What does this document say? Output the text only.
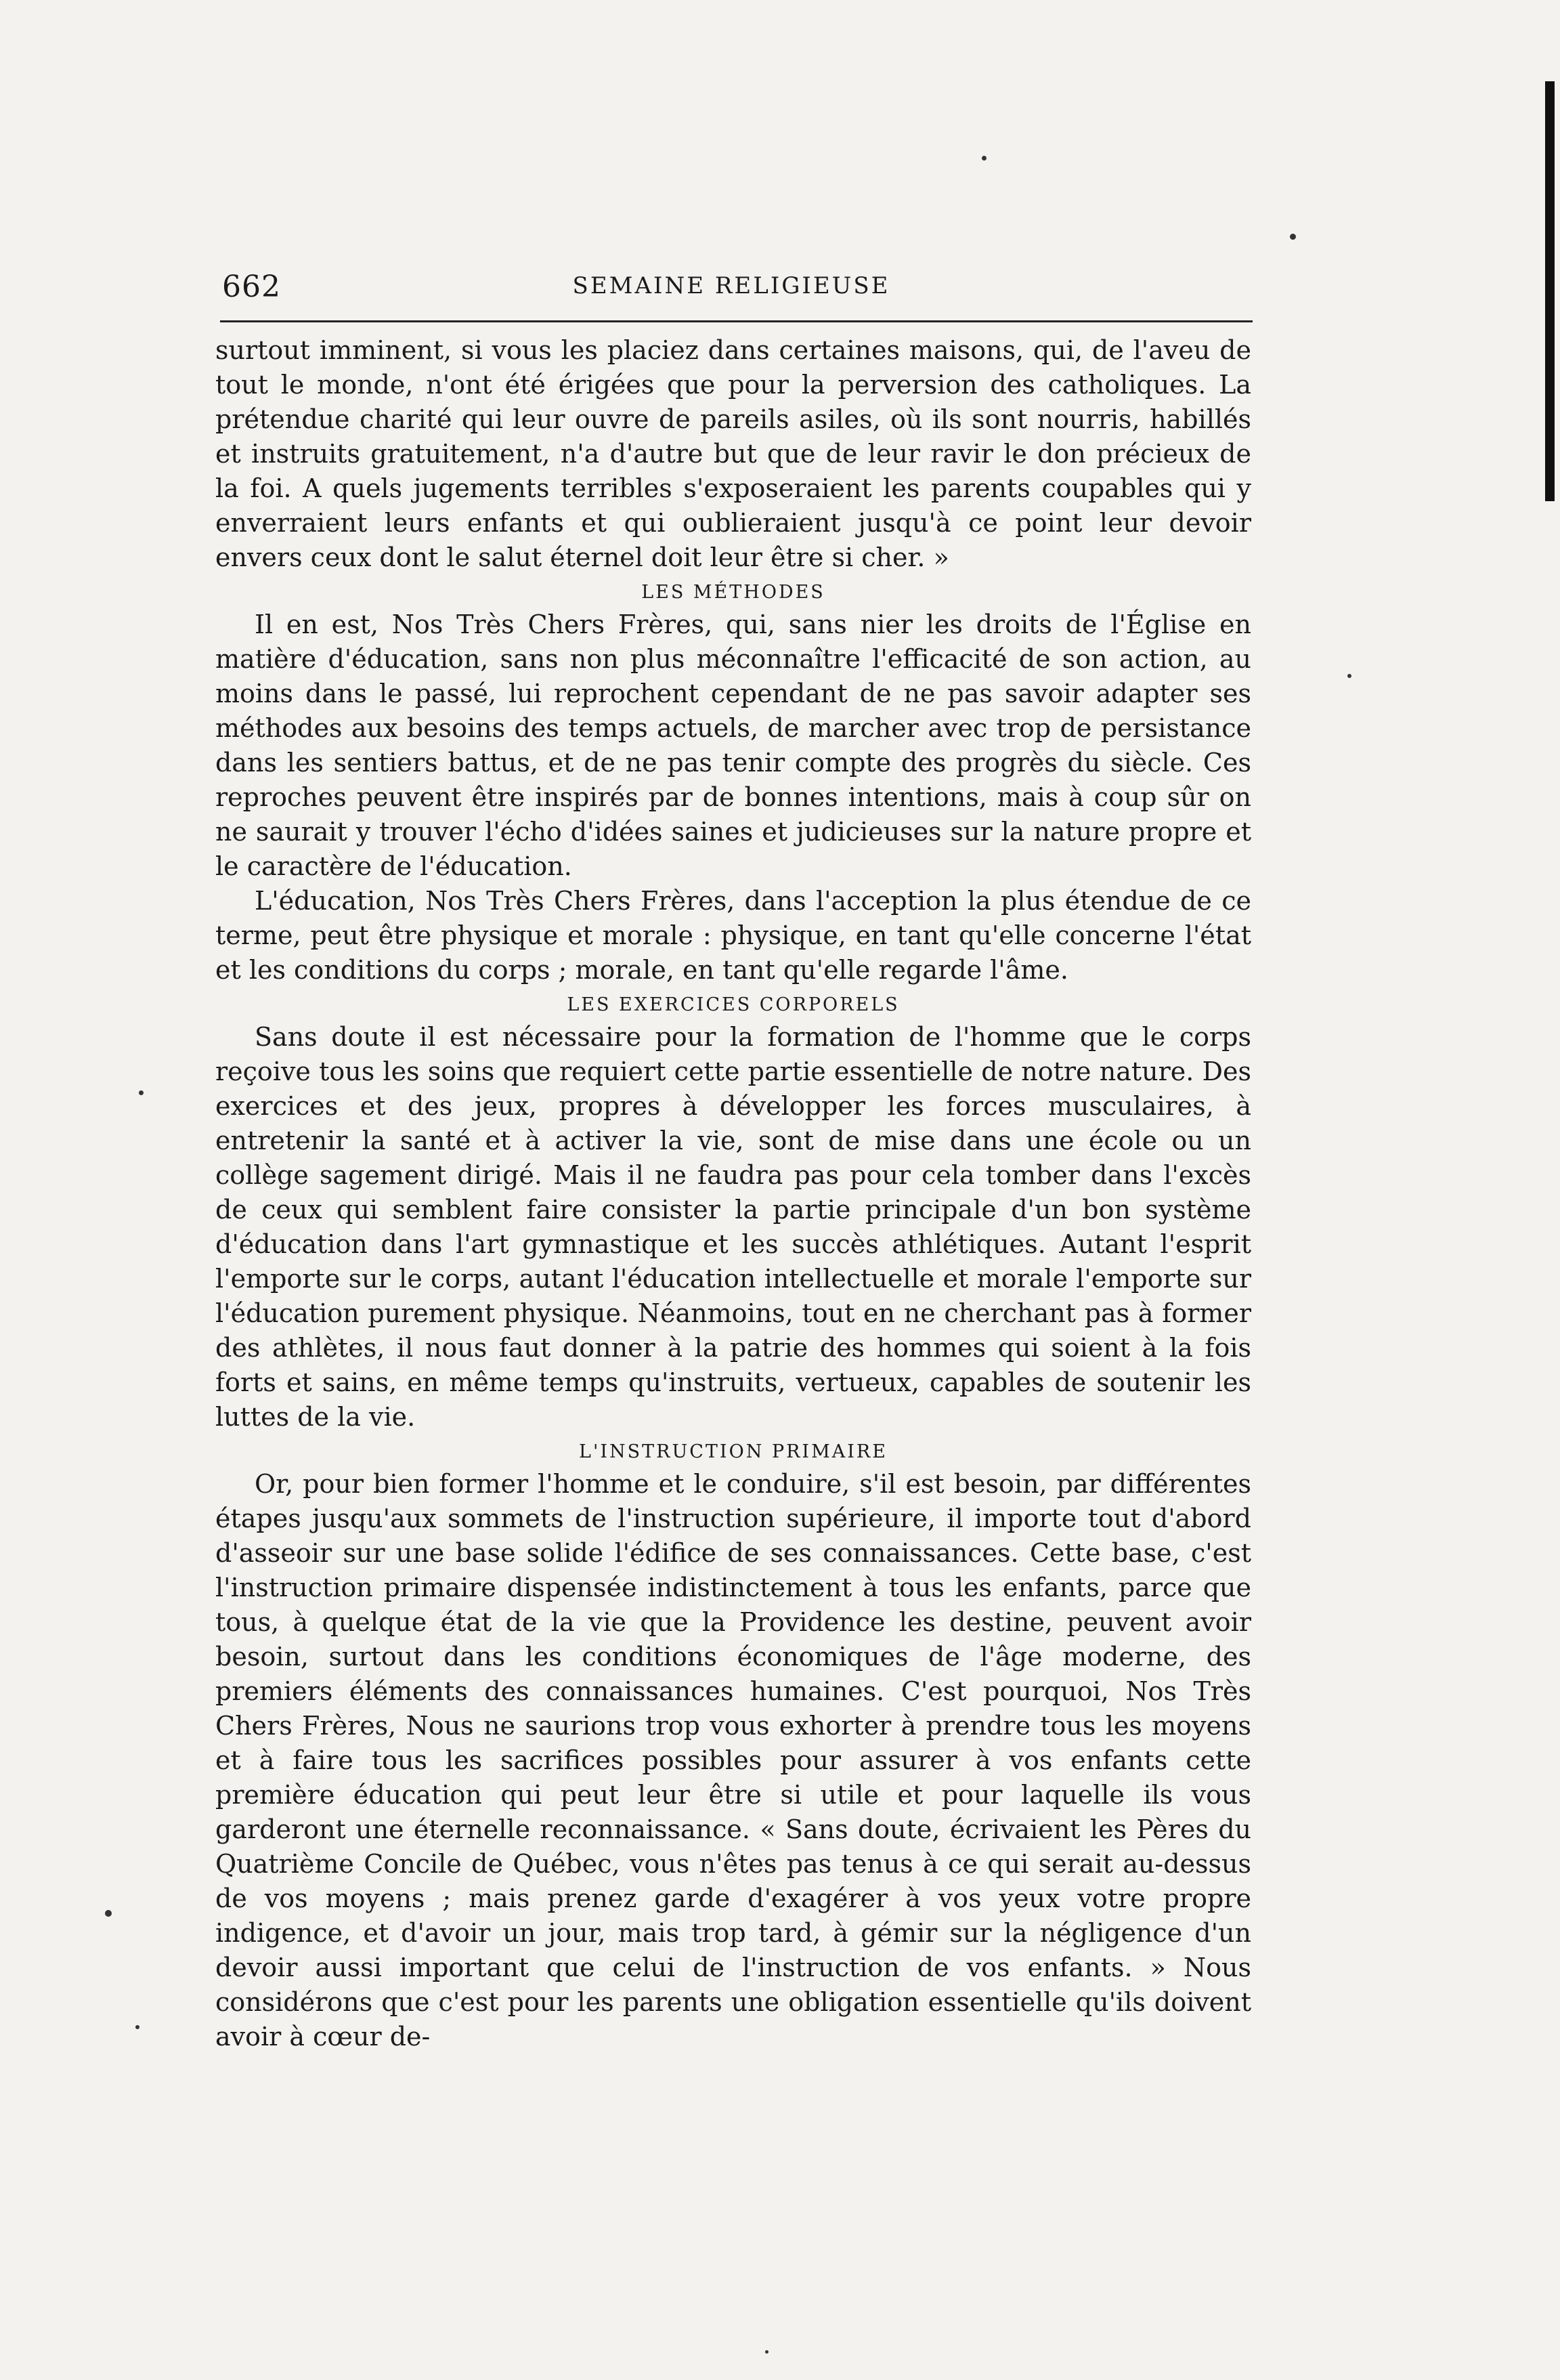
662	SEMAINE RELIGIEUSE

surtout imminent, si vous les placiez dans certaines maisons, qui, de l'aveu de tout le monde, n'ont été érigées que pour la perversion des catholiques. La prétendue charité qui leur ouvre de pareils asiles, où ils sont nourris, habillés et instruits gratuitement, n'a d'autre but que de leur ravir le don précieux de la foi. A quels jugements terribles s'exposeraient les parents coupables qui y enverraient leurs enfants et qui oublieraient jusqu'à ce point leur devoir envers ceux dont le salut éternel doit leur être si cher. »

LES MÉTHODES

Il en est, Nos Très Chers Frères, qui, sans nier les droits de l'Église en matière d'éducation, sans non plus méconnaître l'efficacité de son action, au moins dans le passé, lui reprochent cependant de ne pas savoir adapter ses méthodes aux besoins des temps actuels, de marcher avec trop de persistance dans les sentiers battus, et de ne pas tenir compte des progrès du siècle. Ces reproches peuvent être inspirés par de bonnes intentions, mais à coup sûr on ne saurait y trouver l'écho d'idées saines et judicieuses sur la nature propre et le caractère de l'éducation.

L'éducation, Nos Très Chers Frères, dans l'acception la plus étendue de ce terme, peut être physique et morale : physique, en tant qu'elle concerne l'état et les conditions du corps ; morale, en tant qu'elle regarde l'âme.

LES EXERCICES CORPORELS

Sans doute il est nécessaire pour la formation de l'homme que le corps reçoive tous les soins que requiert cette partie essentielle de notre nature. Des exercices et des jeux, propres à développer les forces musculaires, à entretenir la santé et à activer la vie, sont de mise dans une école ou un collège sagement dirigé. Mais il ne faudra pas pour cela tomber dans l'excès de ceux qui semblent faire consister la partie principale d'un bon système d'éducation dans l'art gymnastique et les succès athlétiques. Autant l'esprit l'emporte sur le corps, autant l'éducation intellectuelle et morale l'emporte sur l'éducation purement physique. Néanmoins, tout en ne cherchant pas à former des athlètes, il nous faut donner à la patrie des hommes qui soient à la fois forts et sains, en même temps qu'instruits, vertueux, capables de soutenir les luttes de la vie.

L'INSTRUCTION PRIMAIRE

Or, pour bien former l'homme et le conduire, s'il est besoin, par différentes étapes jusqu'aux sommets de l'instruction supérieure, il importe tout d'abord d'asseoir sur une base solide l'édifice de ses connaissances. Cette base, c'est l'instruction primaire dispensée indistinctement à tous les enfants, parce que tous, à quelque état de la vie que la Providence les destine, peuvent avoir besoin, surtout dans les conditions économiques de l'âge moderne, des premiers éléments des connaissances humaines. C'est pourquoi, Nos Très Chers Frères, Nous ne saurions trop vous exhorter à prendre tous les moyens et à faire tous les sacrifices possibles pour assurer à vos enfants cette première éducation qui peut leur être si utile et pour laquelle ils vous garderont une éternelle reconnaissance. « Sans doute, écrivaient les Pères du Quatrième Concile de Québec, vous n'êtes pas tenus à ce qui serait au-dessus de vos moyens ; mais prenez garde d'exagérer à vos yeux votre propre indigence, et d'avoir un jour, mais trop tard, à gémir sur la négligence d'un devoir aussi important que celui de l'instruction de vos enfants. » Nous considérons que c'est pour les parents une obligation essentielle qu'ils doivent avoir à cœur de-
